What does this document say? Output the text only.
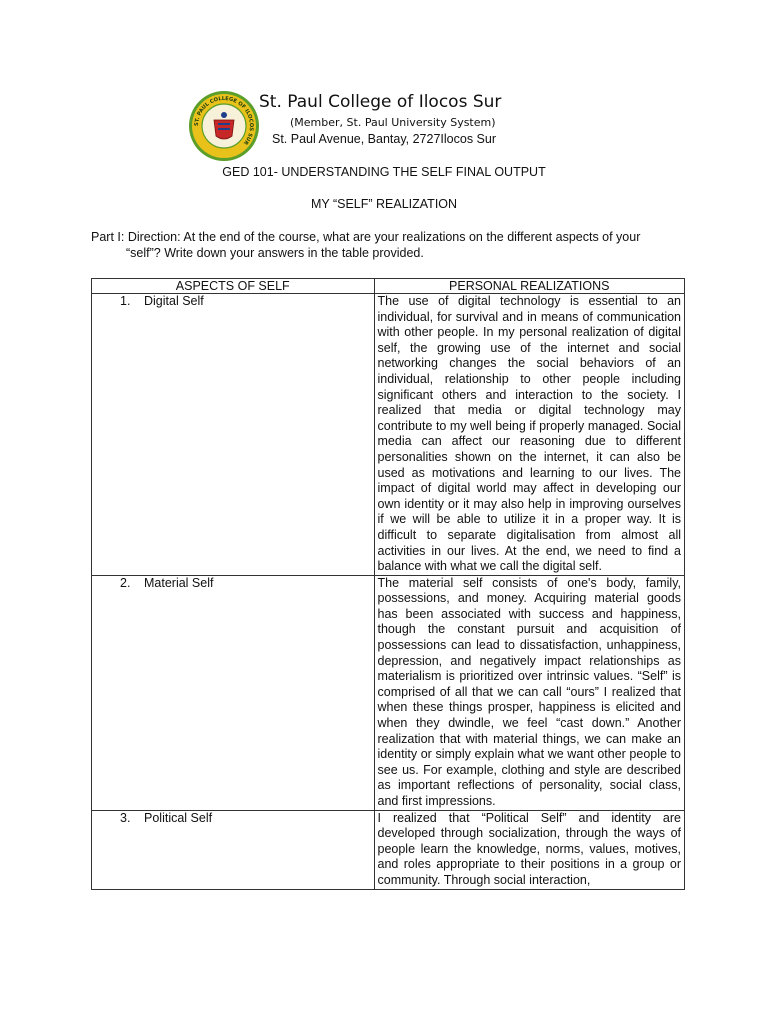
ST. PAUL COLLEGE OF ILOCOS SUR
St. Paul College of Ilocos Sur
(Member, St. Paul University System)
St. Paul Avenue, Bantay, 2727Ilocos Sur
GED 101- UNDERSTANDING THE SELF FINAL OUTPUT
MY “SELF” REALIZATION
Part I: Direction: At the end of the course, what are your realizations on the different aspects of your
“self”? Write down your answers in the table provided.
ASPECTS OF SELF	PERSONAL REALIZATIONS
1. Digital Self	The use of digital technology is essential to an individual, for survival and in means of communication with other people. In my personal realization of digital self, the growing use of the internet and social networking changes the social behaviors of an individual, relationship to other people including significant others and interaction to the society. I realized that media or digital technology may contribute to my well being if properly managed. Social media can affect our reasoning due to different personalities shown on the internet, it can also be used as motivations and learning to our lives. The impact of digital world may affect in developing our own identity or it may also help in improving ourselves if we will be able to utilize it in a proper way. It is difficult to separate digitalisation from almost all activities in our lives. At the end, we need to find a balance with what we call the digital self.
2. Material Self	The material self consists of one's body, family, possessions, and money. Acquiring material goods has been associated with success and happiness, though the constant pursuit and acquisition of possessions can lead to dissatisfaction, unhappiness, depression, and negatively impact relationships as materialism is prioritized over intrinsic values. “Self” is comprised of all that we can call “ours” I realized that when these things prosper, happiness is elicited and when they dwindle, we feel “cast down.” Another realization that with material things, we can make an identity or simply explain what we want other people to see us. For example, clothing and style are described as important reflections of personality, social class, and first impressions.
3. Political Self	I realized that “Political Self” and identity are developed through socialization, through the ways of people learn the knowledge, norms, values, motives, and roles appropriate to their positions in a group or community. Through social interaction,
